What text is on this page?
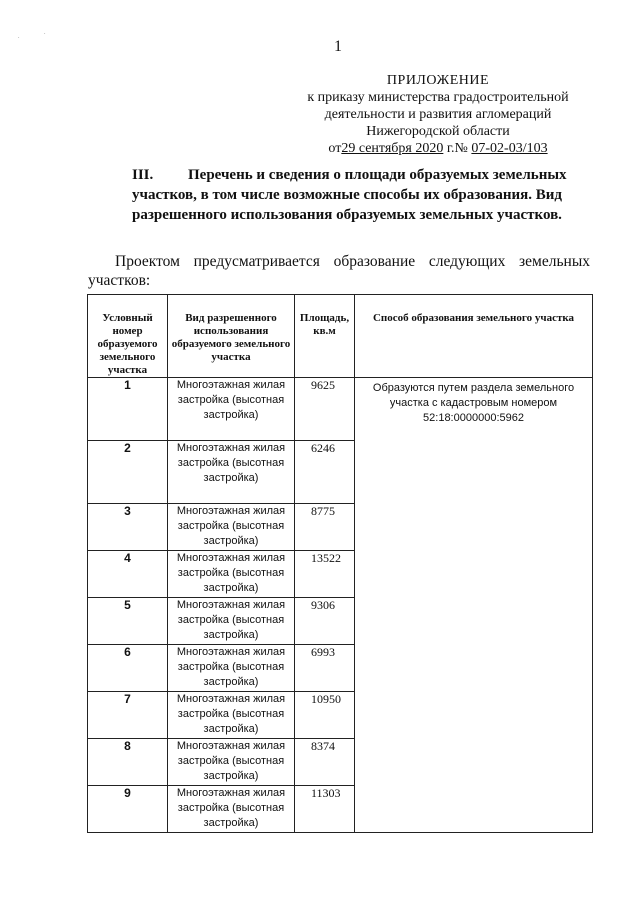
.
.
1
ПРИЛОЖЕНИЕ
к приказу министерства градостроительной
деятельности и развития агломераций
Нижегородской области
от29 сентября 2020 г.№ 07-02-03/103
III. Перечень и сведения о площади образуемых земельных участков, в том числе возможные способы их образования. Вид разрешенного использования образуемых земельных участков.
Проектом предусматривается образование следующих земельных участков:
Условный номер образуемого земельного участка	Вид разрешенного использования образуемого земельного участка	Площадь, кв.м	Способ образования земельного участка
1	Многоэтажная жилая застройка (высотная застройка)	9625	Образуются путем раздела земельного участка с кадастровым номером 52:18:0000000:5962
2	Многоэтажная жилая застройка (высотная застройка)	6246	
3	Многоэтажная жилая застройка (высотная застройка)	8775	
4	Многоэтажная жилая застройка (высотная застройка)	13522	
5	Многоэтажная жилая застройка (высотная застройка)	9306	
6	Многоэтажная жилая застройка (высотная застройка)	6993	
7	Многоэтажная жилая застройка (высотная застройка)	10950	
8	Многоэтажная жилая застройка (высотная застройка)	8374	
9	Многоэтажная жилая застройка (высотная застройка)	11303	
